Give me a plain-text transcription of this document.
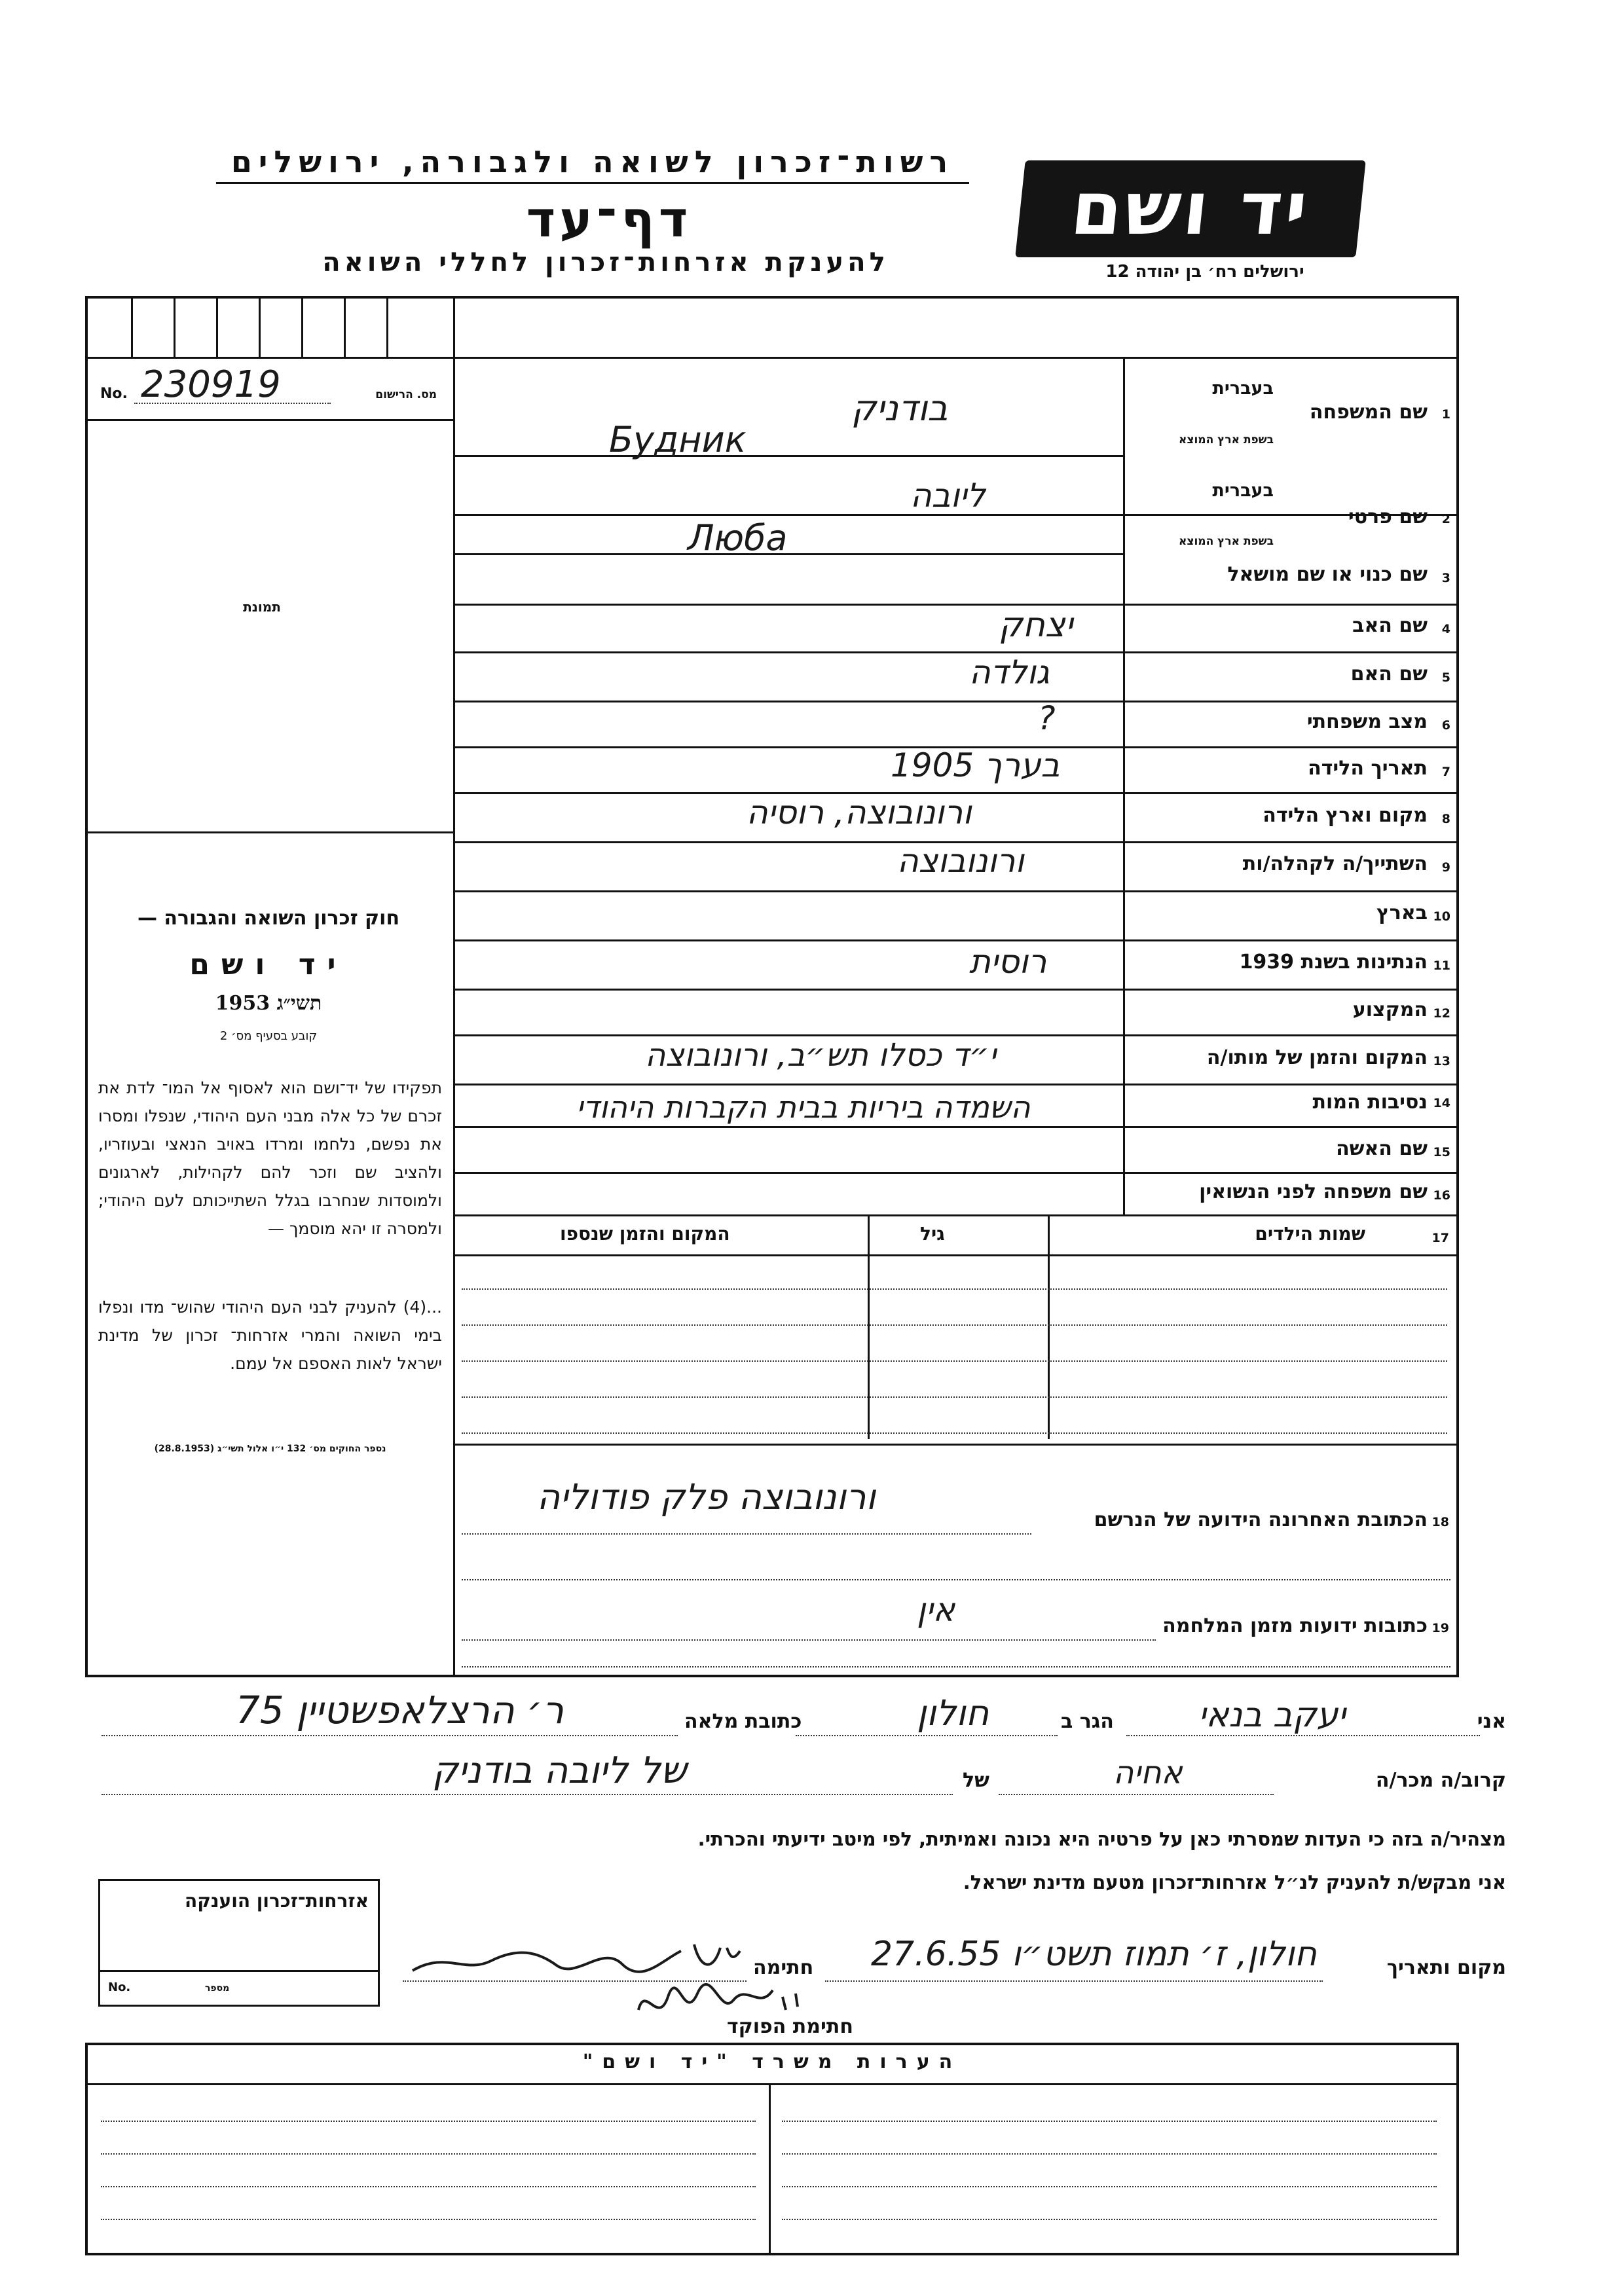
רשות־זכרון לשואה ולגבורה, ירושלים
דף־עד
להענקת אזרחות־זכרון לחללי השואה
יד ושם
ירושלים רח׳ בן יהודה 12
No. 230919	מס. הרישום
תמונת
חוק זכרון השואה והגבורה —
יד ושם
תשי״ג 1953
קובע בסעיף מס׳ 2
תפקידו של יד־ושם הוא לאסוף אל המו־ לדת את זכרם של כל אלה מבני העם היהודי, שנפלו ומסרו את נפשם, נלחמו ומרדו באויב הנאצי ובעוזריו, ולהציב שם וזכר להם לקהילות, לארגונים ולמוסדות שנחרבו בגלל השתייכותם לעם היהודי; ולמסרה זו יהא מוסמך —
...(4) להעניק לבני העם היהודי שהוש־ מדו ונפלו בימי השואה והמרי אזרחות־ זכרון של מדינת ישראל לאות האספם אל עמם.
נספר החוקים מס׳ 132 י״ו אלול תשי״ג (28.8.1953)
1
שם המשפחה
בעברית
בשפת ארץ המוצא
בודניק
Будник
2
שם פרטי
בעברית
בשפת ארץ המוצא
ליובה
Люба
3
שם כנוי או שם מושאל
4
שם האב
יצחק
5
שם האם
גולדה
6
מצב משפחתי
?
7
תאריך הלידה
בערך 1905
8
מקום וארץ הלידה
ורונובוצה, רוסיה
9
השתייך/ה לקהלה/ות
ורונובוצה
10
בארץ
11
הנתינות בשנת 1939
רוסית
12
המקצוע
13
המקום והזמן של מותו/ה
י״ד כסלו תש״ב, ורונובוצה
14
נסיבות המות
השמדה ביריות בבית הקברות היהודי
15
שם האשה
16
שם משפחה לפני הנשואין
17
שמות הילדים
גיל
המקום והזמן שנספו
18
הכתובת האחרונה הידועה של הנרשם
ורונובוצה פלק פודוליה
19
כתובות ידועות מזמן המלחמה
אין
אני
יעקב בנאי
הגר ב
חולון
כתובת מלאה
ר׳ הרצלאפשטיין 75
קרוב/ה מכר/ה
אחיה
של
של ליובה בודניק
מצהיר/ה בזה כי העדות שמסרתי כאן על פרטיה היא נכונה ואמיתית, לפי מיטב ידיעתי והכרתי.
אני מבקש/ת להעניק לנ״ל אזרחות־זכרון מטעם מדינת ישראל.
אזרחות־זכרון הוענקה
No.	מספר
מקום ותאריך
חולון, ז׳ תמוז תשט״ו 27.6.55
חתימה
חתימת הפוקד
הערות משרד "יד ושם"
